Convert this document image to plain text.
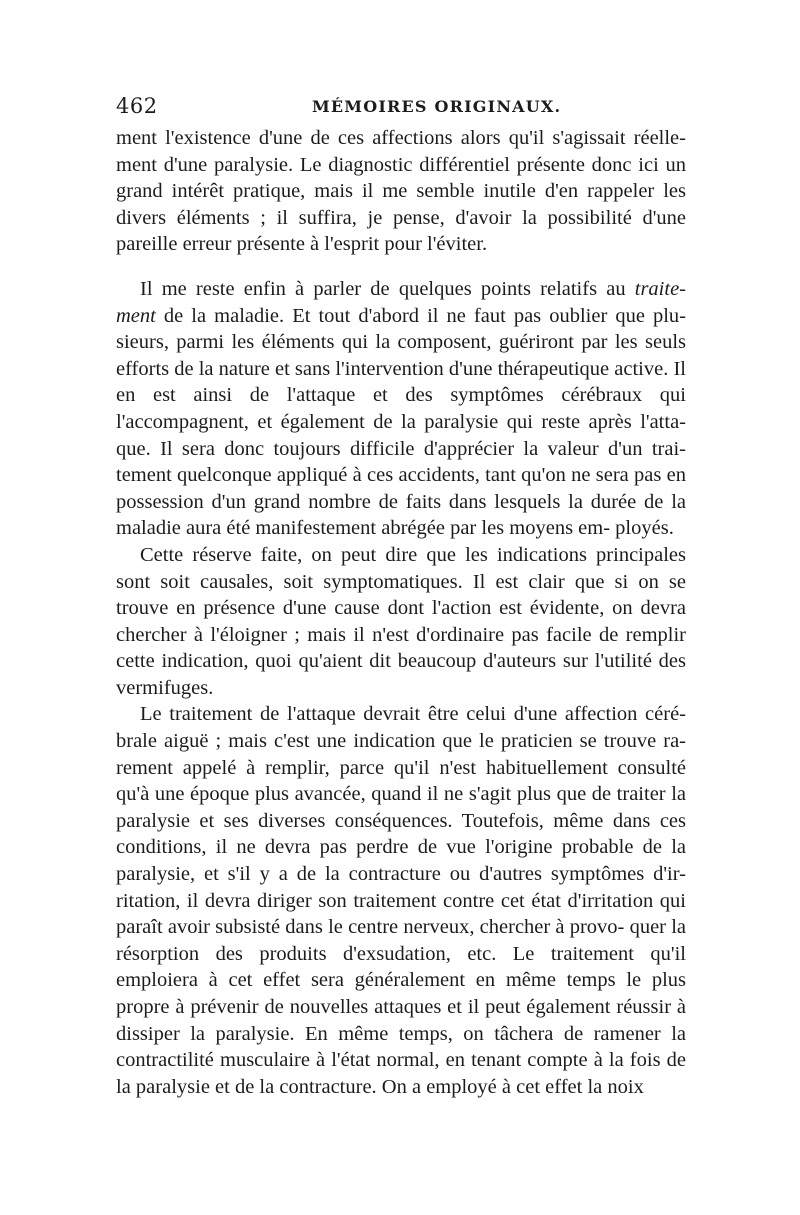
462	MÉMOIRES ORIGINAUX.

ment l'existence d'une de ces affections alors qu'il s'agissait réelle- ment d'une paralysie. Le diagnostic différentiel présente donc ici un grand intérêt pratique, mais il me semble inutile d'en rappeler les divers éléments ; il suffira, je pense, d'avoir la possibilité d'une pareille erreur présente à l'esprit pour l'éviter.

Il me reste enfin à parler de quelques points relatifs au traite- ment de la maladie. Et tout d'abord il ne faut pas oublier que plu- sieurs, parmi les éléments qui la composent, guériront par les seuls efforts de la nature et sans l'intervention d'une thérapeutique active. Il en est ainsi de l'attaque et des symptômes cérébraux qui l'accompagnent, et également de la paralysie qui reste après l'atta- que. Il sera donc toujours difficile d'apprécier la valeur d'un trai- tement quelconque appliqué à ces accidents, tant qu'on ne sera pas en possession d'un grand nombre de faits dans lesquels la durée de la maladie aura été manifestement abrégée par les moyens em- ployés.

Cette réserve faite, on peut dire que les indications principales sont soit causales, soit symptomatiques. Il est clair que si on se trouve en présence d'une cause dont l'action est évidente, on devra chercher à l'éloigner ; mais il n'est d'ordinaire pas facile de remplir cette indication, quoi qu'aient dit beaucoup d'auteurs sur l'utilité des vermifuges.

Le traitement de l'attaque devrait être celui d'une affection céré- brale aiguë ; mais c'est une indication que le praticien se trouve ra- rement appelé à remplir, parce qu'il n'est habituellement consulté qu'à une époque plus avancée, quand il ne s'agit plus que de traiter la paralysie et ses diverses conséquences. Toutefois, même dans ces conditions, il ne devra pas perdre de vue l'origine probable de la paralysie, et s'il y a de la contracture ou d'autres symptômes d'ir- ritation, il devra diriger son traitement contre cet état d'irritation qui paraît avoir subsisté dans le centre nerveux, chercher à provo- quer la résorption des produits d'exsudation, etc. Le traitement qu'il emploiera à cet effet sera généralement en même temps le plus propre à prévenir de nouvelles attaques et il peut également réussir à dissiper la paralysie. En même temps, on tâchera de ramener la contractilité musculaire à l'état normal, en tenant compte à la fois de la paralysie et de la contracture. On a employé à cet effet la noix
